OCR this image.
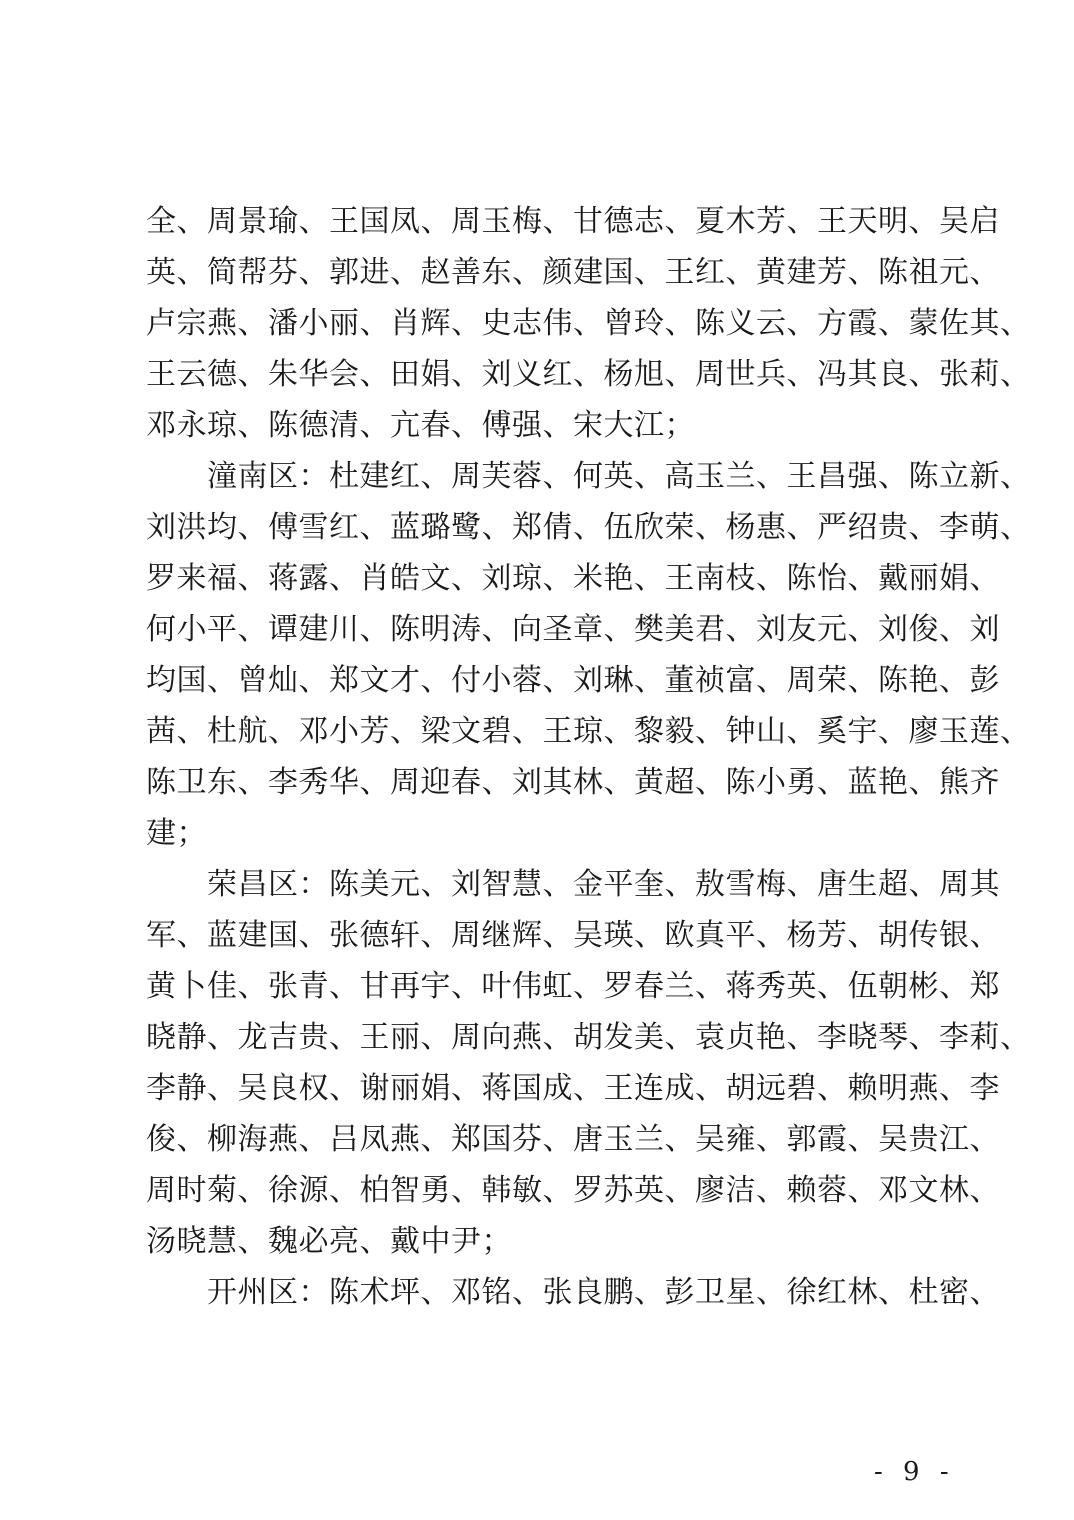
全、周景瑜、王国凤、周玉梅、甘德志、夏木芳、王天明、吴启
英、简帮芬、郭进、赵善东、颜建国、王红、黄建芳、陈祖元、
卢宗燕、潘小丽、肖辉、史志伟、曾玲、陈义云、方霞、蒙佐其、
王云德、朱华会、田娟、刘义红、杨旭、周世兵、冯其良、张莉、
邓永琼、陈德清、亢春、傅强、宋大江；
　　潼南区：杜建红、周芙蓉、何英、高玉兰、王昌强、陈立新、
刘洪均、傅雪红、蓝璐鹭、郑倩、伍欣荣、杨惠、严绍贵、李萌、
罗来福、蒋露、肖皓文、刘琼、米艳、王南枝、陈怡、戴丽娟、
何小平、谭建川、陈明涛、向圣章、樊美君、刘友元、刘俊、刘
均国、曾灿、郑文才、付小蓉、刘琳、董祯富、周荣、陈艳、彭
茜、杜航、邓小芳、梁文碧、王琼、黎毅、钟山、奚宇、廖玉莲、
陈卫东、李秀华、周迎春、刘其林、黄超、陈小勇、蓝艳、熊齐
建；
　　荣昌区：陈美元、刘智慧、金平奎、敖雪梅、唐生超、周其
军、蓝建国、张德轩、周继辉、吴瑛、欧真平、杨芳、胡传银、
黄卜佳、张青、甘再宇、叶伟虹、罗春兰、蒋秀英、伍朝彬、郑
晓静、龙吉贵、王丽、周向燕、胡发美、袁贞艳、李晓琴、李莉、
李静、吴良权、谢丽娟、蒋国成、王连成、胡远碧、赖明燕、李
俊、柳海燕、吕凤燕、郑国芬、唐玉兰、吴雍、郭霞、吴贵江、
周时菊、徐源、柏智勇、韩敏、罗苏英、廖洁、赖蓉、邓文林、
汤晓慧、魏必亮、戴中尹；
　　开州区：陈术坪、邓铭、张良鹏、彭卫星、徐红林、杜密、
- 9 -
